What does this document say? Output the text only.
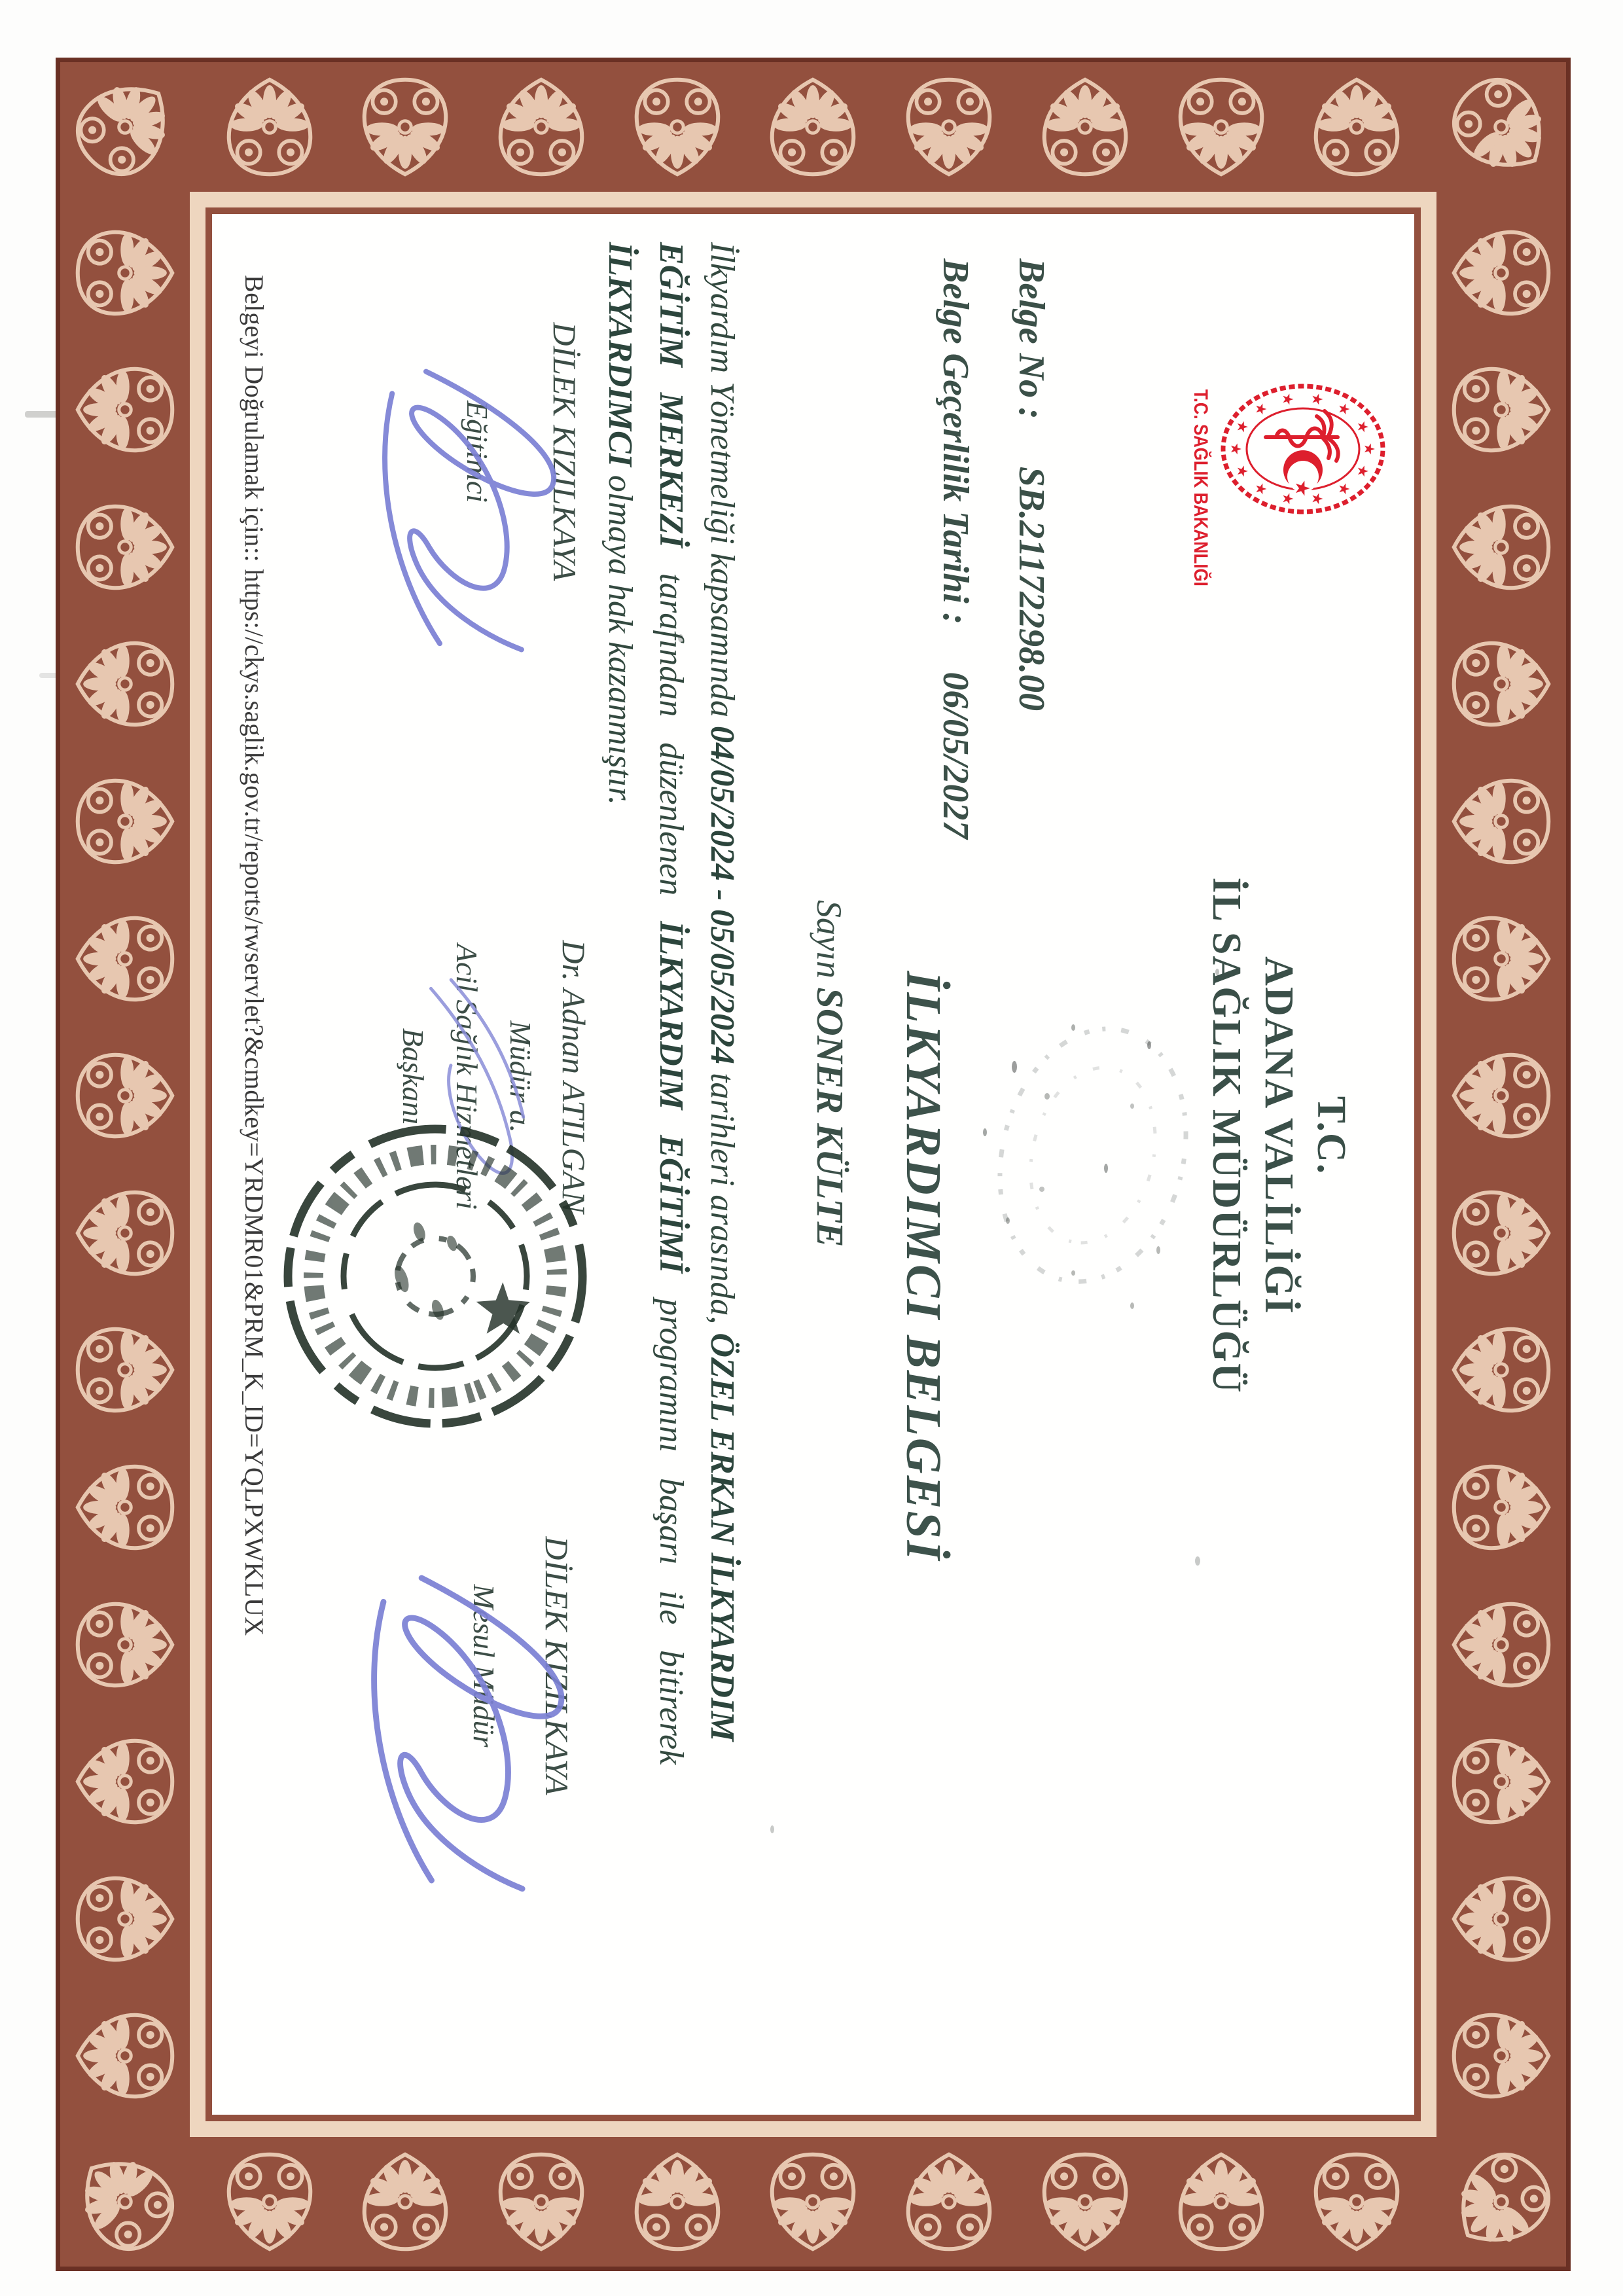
★
★
★
★
★
★
★
★
★
★
★ ★
★
★
★
T.C. SAĞLIK BAKANLIĞI
T.C.
ADANA VALİLİĞİ
İL SAĞLIK MÜDÜRLÜĞÜ
Belge No :SB.21172298.00
Belge Geçerlilik Tarihi :06/05/2027
İLKYARDIMCI BELGESİ
Sayın SONER KÜLTE
İlkyardım Yönetmeliği kapsamında 04/05/2024 - 05/05/2024 tarihleri arasında, ÖZEL ERKAN İLKYARDIM
EĞİTİM MERKEZİ tarafından düzenlenen İLKYARDIM EĞİTİMİ programını başarı ile bitirerek
İLKYARDIMCI olmaya hak kazanmıştır.
DİLEK KIZILKAYA
Eğitimci
Dr. Adnan ATILGAN
Müdür a.
Acil Sağlık Hizmetleri
Başkanı
DİLEK KIZILKAYA
Mesul Müdür
Belgeyi Doğrulamak için:: https://ckys.saglik.gov.tr/reports/rwservlet?&cmdkey=YRDMR01&PRM_K_ID=YQLPXWKLUX
